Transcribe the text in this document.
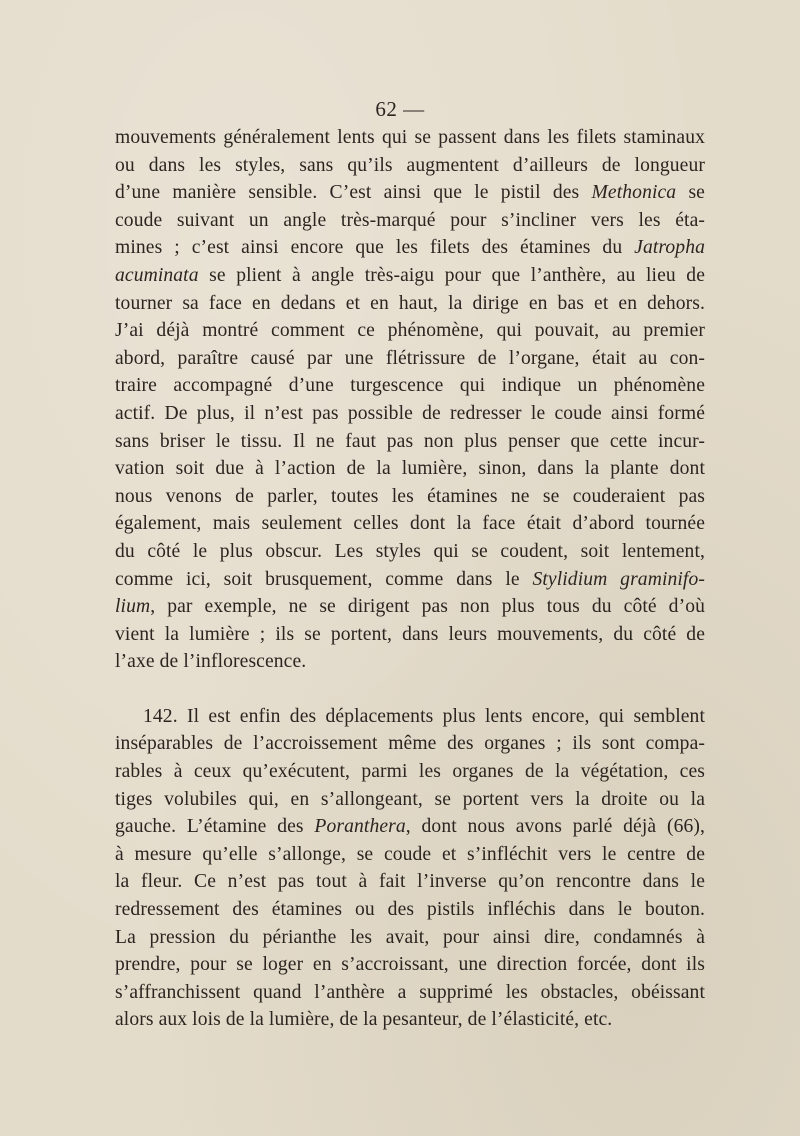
62 —
mouvements généralement lents qui se passent dans les filets staminaux
ou dans les styles, sans qu’ils augmentent d’ailleurs de longueur
d’une manière sensible. C’est ainsi que le pistil des Methonica se
coude suivant un angle très-marqué pour s’incliner vers les éta-
mines ; c’est ainsi encore que les filets des étamines du Jatropha
acuminata se plient à angle très-aigu pour que l’anthère, au lieu de
tourner sa face en dedans et en haut, la dirige en bas et en dehors.
J’ai déjà montré comment ce phénomène, qui pouvait, au premier
abord, paraître causé par une flétrissure de l’organe, était au con-
traire accompagné d’une turgescence qui indique un phénomène
actif. De plus, il n’est pas possible de redresser le coude ainsi formé
sans briser le tissu. Il ne faut pas non plus penser que cette incur-
vation soit due à l’action de la lumière, sinon, dans la plante dont
nous venons de parler, toutes les étamines ne se couderaient pas
également, mais seulement celles dont la face était d’abord tournée
du côté le plus obscur. Les styles qui se coudent, soit lentement,
comme ici, soit brusquement, comme dans le Stylidium graminifo-
lium, par exemple, ne se dirigent pas non plus tous du côté d’où
vient la lumière ; ils se portent, dans leurs mouvements, du côté de
l’axe de l’inflorescence.
142. Il est enfin des déplacements plus lents encore, qui semblent
inséparables de l’accroissement même des organes ; ils sont compa-
rables à ceux qu’exécutent, parmi les organes de la végétation, ces
tiges volubiles qui, en s’allongeant, se portent vers la droite ou la
gauche. L’étamine des Poranthera, dont nous avons parlé déjà (66),
à mesure qu’elle s’allonge, se coude et s’infléchit vers le centre de
la fleur. Ce n’est pas tout à fait l’inverse qu’on rencontre dans le
redressement des étamines ou des pistils infléchis dans le bouton.
La pression du périanthe les avait, pour ainsi dire, condamnés à
prendre, pour se loger en s’accroissant, une direction forcée, dont ils
s’affranchissent quand l’anthère a supprimé les obstacles, obéissant
alors aux lois de la lumière, de la pesanteur, de l’élasticité, etc.
